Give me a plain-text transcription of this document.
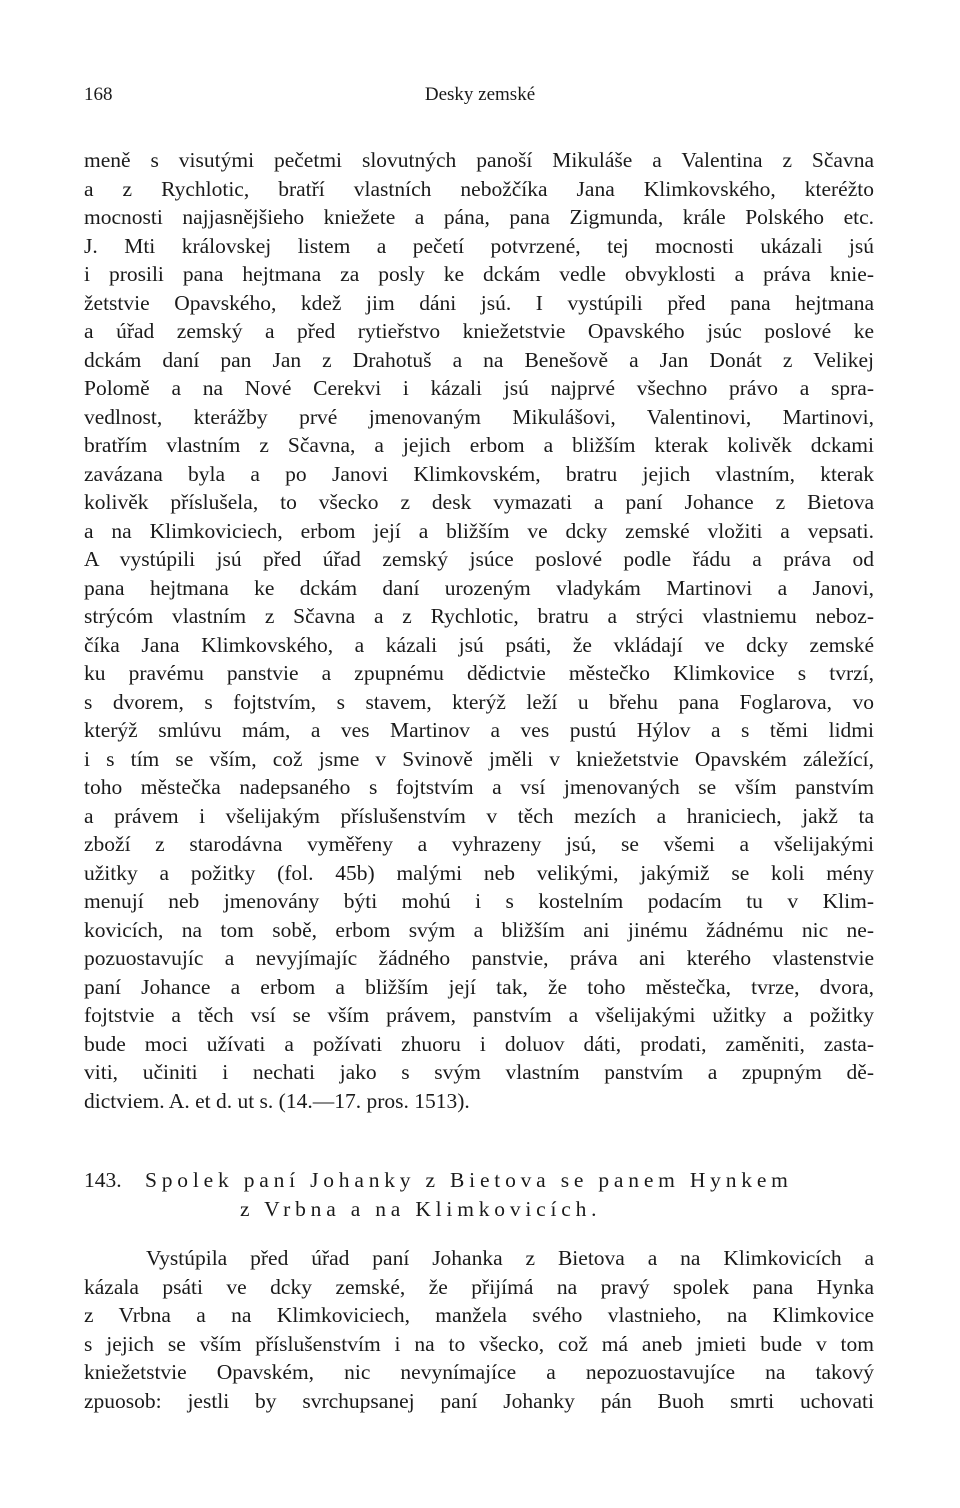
168	Desky zemské
meně s visutými pečetmi slovutných panoší Mikuláše a Valentina z Sčavna
a z Rychlotic, bratří vlastních nebožčíka Jana Klimkovského, kteréžto
mocnosti najjasnějšieho kniežete a pána, pana Zigmunda, krále Polského etc.
J. Mti královskej listem a pečetí potvrzené, tej mocnosti ukázali jsú
i prosili pana hejtmana za posly ke dckám vedle obvyklosti a práva knie-
žetstvie Opavského, kdež jim dáni jsú. I vystúpili před pana hejtmana
a úřad zemský a před rytieřstvo kniežetstvie Opavského jsúc poslové ke
dckám daní pan Jan z Drahotuš a na Benešově a Jan Donát z Velikej
Polomě a na Nové Cerekvi i kázali jsú najprvé všechno právo a spra-
vedlnost, kterážby prvé jmenovaným Mikulášovi, Valentinovi, Martinovi,
bratřím vlastním z Sčavna, a jejich erbom a bližším kterak kolivěk dckami
zavázana byla a po Janovi Klimkovském, bratru jejich vlastním, kterak
kolivěk příslušela, to všecko z desk vymazati a paní Johance z Bietova
a na Klimkoviciech, erbom její a bližším ve dcky zemské vložiti a vepsati.
A vystúpili jsú před úřad zemský jsúce poslové podle řádu a práva od
pana hejtmana ke dckám daní urozeným vladykám Martinovi a Janovi,
strýcóm vlastním z Sčavna a z Rychlotic, bratru a strýci vlastniemu neboz-
číka Jana Klimkovského, a kázali jsú psáti, že vkládají ve dcky zemské
ku pravému panstvie a zpupnému dědictvie městečko Klimkovice s tvrzí,
s dvorem, s fojtstvím, s stavem, kterýž leží u břehu pana Foglarova, vo
kterýž smlúvu mám, a ves Martinov a ves pustú Hýlov a s těmi lidmi
i s tím se vším, což jsme v Svinově jměli v kniežetstvie Opavském záležící,
toho městečka nadepsaného s fojtstvím a vsí jmenovaných se vším panstvím
a právem i všelijakým příslušenstvím v těch mezích a hraniciech, jakž ta
zboží z starodávna vyměřeny a vyhrazeny jsú, se všemi a všelijakými
užitky a požitky (fol. 45b) malými neb velikými, jakýmiž se koli mény
menují neb jmenovány býti mohú i s kostelním podacím tu v Klim-
kovicích, na tom sobě, erbom svým a bližším ani jinému žádnému nic ne-
pozuostavujíc a nevyjímajíc žádného panstvie, práva ani kterého vlastenstvie
paní Johance a erbom a bližším její tak, že toho městečka, tvrze, dvora,
fojtstvie a těch vsí se vším právem, panstvím a všelijakými užitky a požitky
bude moci užívati a požívati zhuoru i doluov dáti, prodati, zaměniti, zasta-
viti, učiniti i nechati jako s svým vlastním panstvím a zpupným dě-
dictviem. A. et d. ut s. (14.—17. pros. 1513).
143. Spolek paní Johanky z Bietova se panem Hynkem
z Vrbna a na Klimkovicích.
Vystúpila před úřad paní Johanka z Bietova a na Klimkovicích a
kázala psáti ve dcky zemské, že přijímá na pravý spolek pana Hynka
z Vrbna a na Klimkoviciech, manžela svého vlastnieho, na Klimkovice
s jejich se vším příslušenstvím i na to všecko, což má aneb jmieti bude v tom
kniežetstvie Opavském, nic nevynímajíce a nepozuostavujíce na takový
zpuosob: jestli by svrchupsanej paní Johanky pán Buoh smrti uchovati
